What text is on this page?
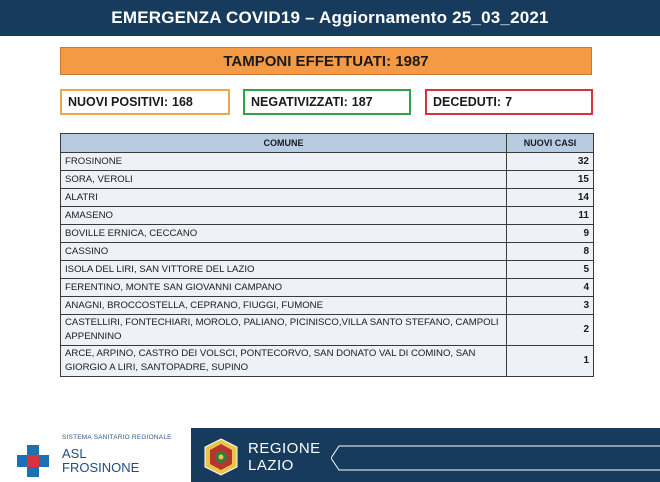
EMERGENZA COVID19 – Aggiornamento 25_03_2021
TAMPONI EFFETTUATI:
1987
NUOVI POSITIVI: 168	NEGATIVIZZATI: 187	DECEDUTI: 7
COMUNE	NUOVI CASI
FROSINONE	32
SORA, VEROLI	15
ALATRI	14
AMASENO	11
BOVILLE ERNICA, CECCANO	9
CASSINO	8
ISOLA DEL LIRI, SAN VITTORE DEL LAZIO	5
FERENTINO, MONTE SAN GIOVANNI CAMPANO	4
ANAGNI, BROCCOSTELLA, CEPRANO, FIUGGI, FUMONE	3
CASTELLIRI, FONTECHIARI, MOROLO, PALIANO, PICINISCO,VILLA SANTO STEFANO, CAMPOLI APPENNINO	2
ARCE, ARPINO, CASTRO DEI VOLSCI, PONTECORVO, SAN DONATO VAL DI COMINO, SAN GIORGIO A LIRI, SANTOPADRE, SUPINO	1
SISTEMA SANITARIO REGIONALE
ASL
FROSINONE
REGIONE
LAZIO
